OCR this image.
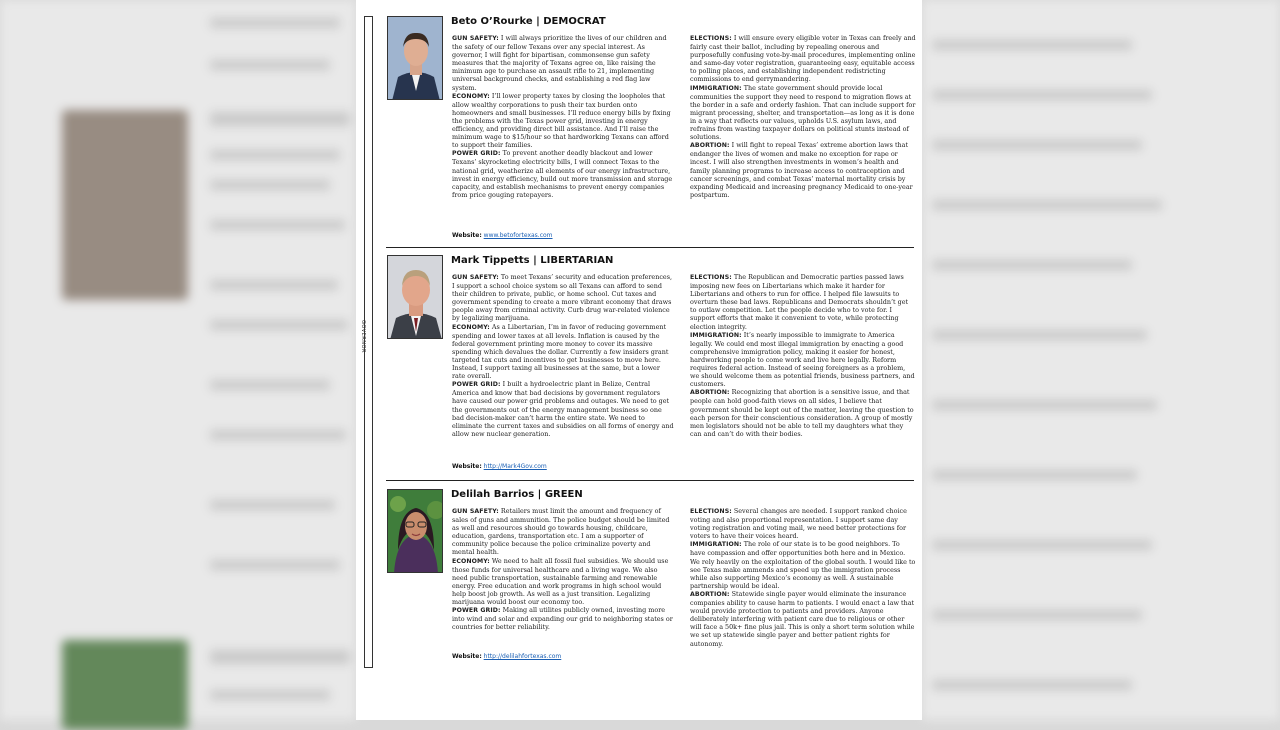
GOVERNOR
Beto O’Rourke | DEMOCRAT

GUN SAFETY: I will always prioritize the lives of our children and the safety of our fellow Texans over any special interest. As governor, I will fight for bipartisan, commonsense gun safety measures that the majority of Texans agree on, like raising the minimum age to purchase an assault rifle to 21, implementing universal background checks, and establishing a red flag law system.

ECONOMY: I’ll lower property taxes by closing the loopholes that allow wealthy corporations to push their tax burden onto homeowners and small businesses. I’ll reduce energy bills by fixing the problems with the Texas power grid, investing in energy efficiency, and providing direct bill assistance. And I’ll raise the minimum wage to $15/hour so that hardworking Texans can afford to support their families.

POWER GRID: To prevent another deadly blackout and lower Texans’ skyrocketing electricity bills, I will connect Texas to the national grid, weatherize all elements of our energy infrastructure, invest in energy efficiency, build out more transmission and storage capacity, and establish mechanisms to prevent energy companies from price gouging ratepayers.

ELECTIONS: I will ensure every eligible voter in Texas can freely and fairly cast their ballot, including by repealing onerous and purposefully confusing vote-by-mail procedures, implementing online and same-day voter registration, guaranteeing easy, equitable access to polling places, and establishing independent redistricting commissions to end gerrymandering.

IMMIGRATION: The state government should provide local communities the support they need to respond to migration flows at the border in a safe and orderly fashion. That can include support for migrant processing, shelter, and transportation—as long as it is done in a way that reflects our values, upholds U.S. asylum laws, and refrains from wasting taxpayer dollars on political stunts instead of solutions.

ABORTION: I will fight to repeal Texas’ extreme abortion laws that endanger the lives of women and make no exception for rape or incest. I will also strengthen investments in women’s health and family planning programs to increase access to contraception and cancer screenings, and combat Texas’ maternal mortality crisis by expanding Medicaid and increasing pregnancy Medicaid to one-year postpartum.

Website: www.betofortexas.com
Mark Tippetts | LIBERTARIAN

GUN SAFETY: To meet Texans’ security and education preferences, I support a school choice system so all Texans can afford to send their children to private, public, or home school. Cut taxes and government spending to create a more vibrant economy that draws people away from criminal activity. Curb drug war-related violence by legalizing marijuana.

ECONOMY: As a Libertarian, I’m in favor of reducing government spending and lower taxes at all levels. Inflation is caused by the federal government printing more money to cover its massive spending which devalues the dollar. Currently a few insiders grant targeted tax cuts and incentives to get businesses to move here. Instead, I support taxing all businesses at the same, but a lower rate overall.

POWER GRID: I built a hydroelectric plant in Belize, Central America and know that bad decisions by government regulators have caused our power grid problems and outages. We need to get the governments out of the energy management business so one bad decision-maker can’t harm the entire state. We need to eliminate the current taxes and subsidies on all forms of energy and allow new nuclear generation.

ELECTIONS: The Republican and Democratic parties passed laws imposing new fees on Libertarians which make it harder for Libertarians and others to run for office. I helped file lawsuits to overturn these bad laws. Republicans and Democrats shouldn’t get to outlaw competition. Let the people decide who to vote for. I support efforts that make it convenient to vote, while protecting election integrity.

IMMIGRATION: It’s nearly impossible to immigrate to America legally. We could end most illegal immigration by enacting a good comprehensive immigration policy, making it easier for honest, hardworking people to come work and live here legally. Reform requires federal action. Instead of seeing foreigners as a problem, we should welcome them as potential friends, business partners, and customers.

ABORTION: Recognizing that abortion is a sensitive issue, and that people can hold good-faith views on all sides, I believe that government should be kept out of the matter, leaving the question to each person for their conscientious consideration. A group of mostly men legislators should not be able to tell my daughters what they can and can’t do with their bodies.

Website: http://Mark4Gov.com
Delilah Barrios | GREEN

GUN SAFETY: Retailers must limit the amount and frequency of sales of guns and ammunition. The police budget should be limited as well and resources should go towards housing, childcare, education, gardens, transportation etc. I am a supporter of community police because the police criminalize poverty and mental health.

ECONOMY: We need to halt all fossil fuel subsidies. We should use those funds for universal healthcare and a living wage. We also need public transportation, sustainable farming and renewable energy. Free education and work programs in high school would help boost job growth. As well as a just transition. Legalizing marijuana would boost our economy too.

POWER GRID: Making all utilites publicly owned, investing more into wind and solar and expanding our grid to neighboring states or countries for better reliability.

ELECTIONS: Several changes are needed. I support ranked choice voting and also proportional representation. I support same day voting registration and voting mail, we need better protections for voters to have their voices heard.

IMMIGRATION: The role of our state is to be good neighbors. To have compassion and offer opportunities both here and in Mexico. We rely heavily on the exploitation of the global south. I would like to see Texas make ammends and speed up the immigration process while also supporting Mexico’s economy as well. A sustainable partnership would be ideal.

ABORTION: Statewide single payer would eliminate the insurance companies ability to cause harm to patients. I would enact a law that would provide protection to patients and providers. Anyone deliberately interfering with patient care due to religious or other will face a 50k+ fine plus jail. This is only a short term solution while we set up statewide single payer and better patient rights for autonomy.

Website: http://delilahfortexas.com
